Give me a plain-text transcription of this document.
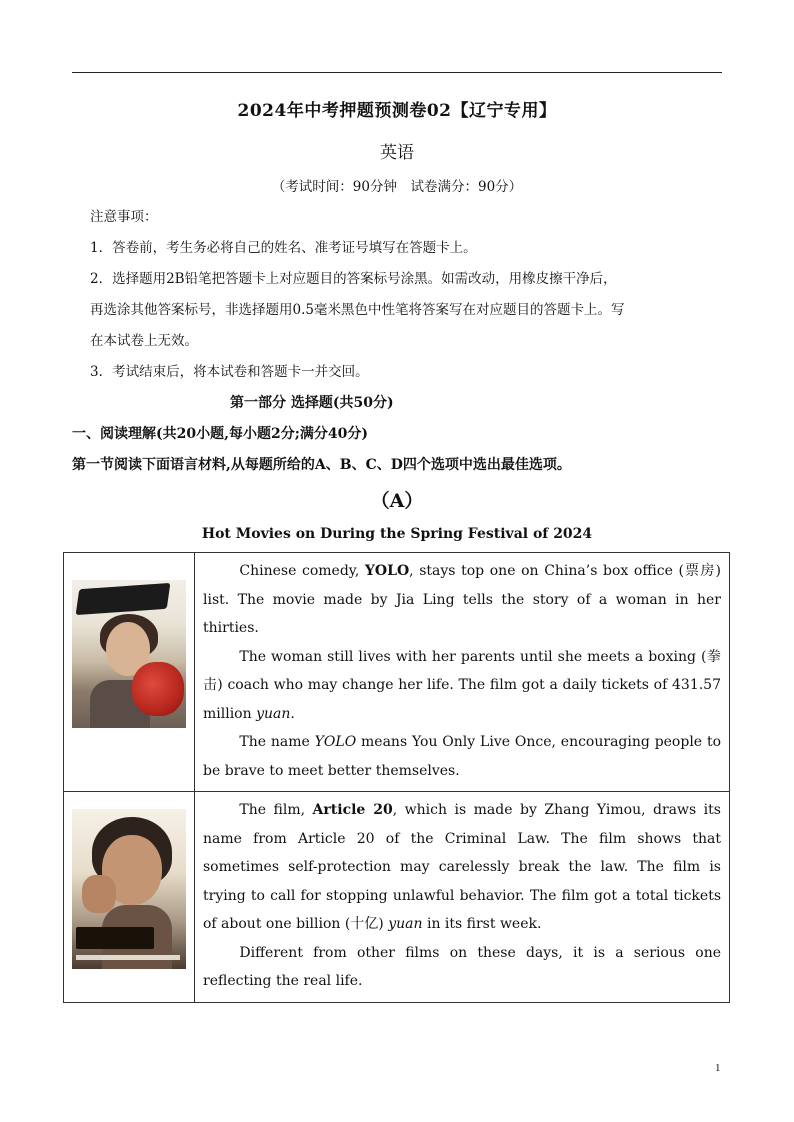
2024年中考押题预测卷02【辽宁专用】
英语
（考试时间：90分钟　试卷满分：90分）

注意事项：

1．答卷前，考生务必将自己的姓名、准考证号填写在答题卡上。

2．选择题用2B铅笔把答题卡上对应题目的答案标号涂黑。如需改动，用橡皮擦干净后，

再选涂其他答案标号，非选择题用0.5毫米黑色中性笔将答案写在对应题目的答题卡上。写

在本试卷上无效。

3．考试结束后，将本试卷和答题卡一并交回。

第一部分 选择题(共50分)
一、阅读理解(共20小题,每小题2分;满分40分)
第一节阅读下面语言材料,从每题所给的A、B、C、D四个选项中选出最佳选项。
（A）
Hot Movies on During the Spring Festival of 2024

	Chinese comedy, YOLO, stays top one on China’s box office (票房) list. The movie made by Jia Ling tells the story of a woman in her thirties.

The woman still lives with her parents until she meets a boxing (拳击) coach who may change her life. The film got a daily tickets of 431.57 million yuan.

The name YOLO means You Only Live Once, encouraging people to be brave to meet better themselves.

	The film, Article 20, which is made by Zhang Yimou, draws its name from Article 20 of the Criminal Law. The film shows that sometimes self-protection may carelessly break the law. The film is trying to call for stopping unlawful behavior. The film got a total tickets of about one billion (十亿) yuan in its first week.

Different from other films on these days, it is a serious one reflecting the real life.

1
